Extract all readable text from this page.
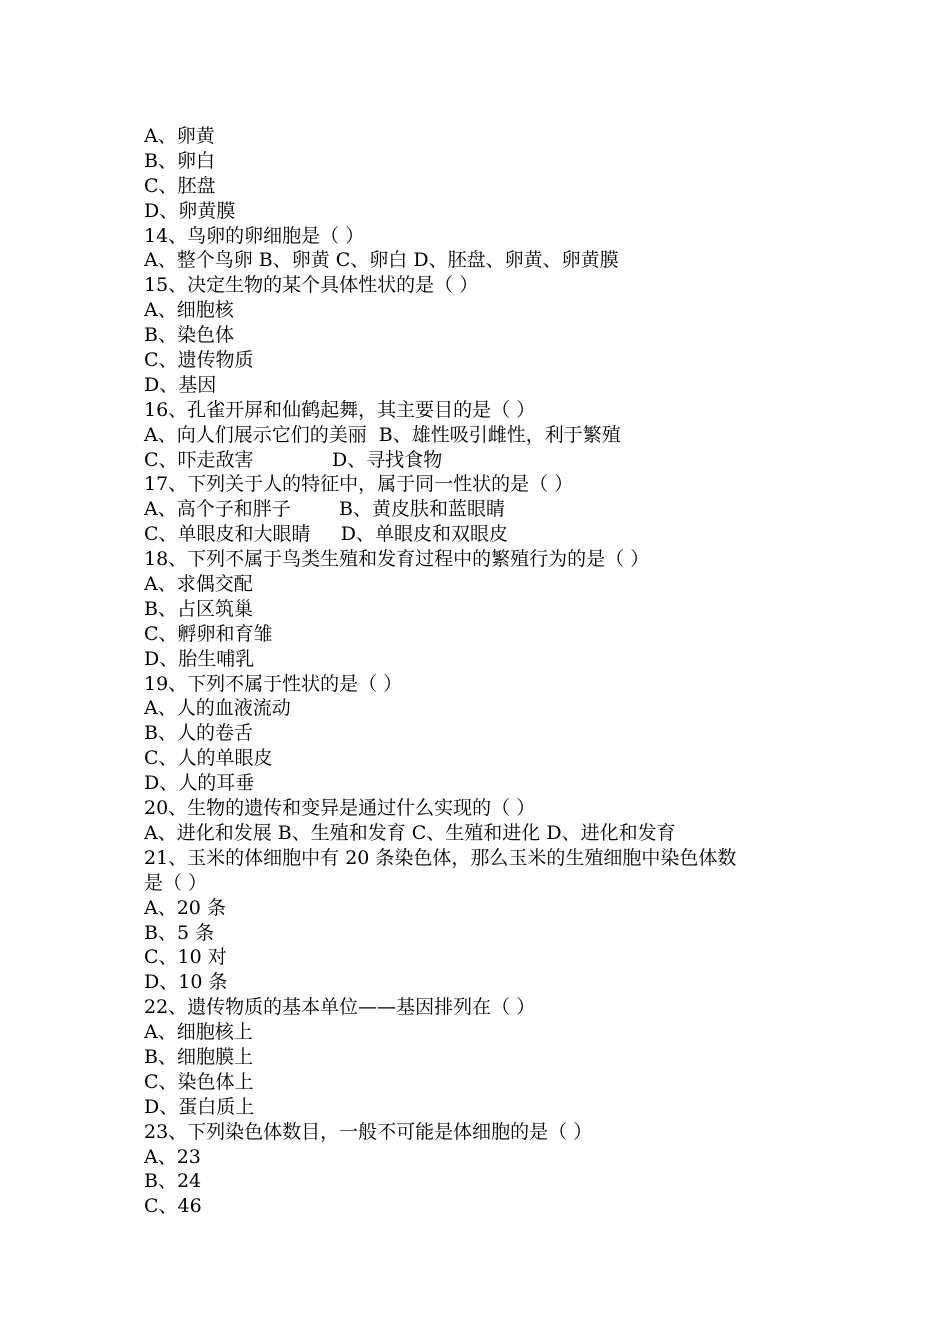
A、卵黄
B、卵白
C、胚盘
D、卵黄膜
14、鸟卵的卵细胞是（ ）
A、整个鸟卵 B、卵黄 C、卵白 D、胚盘、卵黄、卵黄膜
15、决定生物的某个具体性状的是（ ）
A、细胞核
B、染色体
C、遗传物质
D、基因
16、孔雀开屏和仙鹤起舞，其主要目的是（ ）
A、向人们展示它们的美丽  B、雄性吸引雌性，利于繁殖
C、吓走敌害             D、寻找食物
17、下列关于人的特征中，属于同一性状的是（ ）
A、高个子和胖子        B、黄皮肤和蓝眼睛
C、单眼皮和大眼睛     D、单眼皮和双眼皮
18、下列不属于鸟类生殖和发育过程中的繁殖行为的是（ ）
A、求偶交配
B、占区筑巢
C、孵卵和育雏
D、胎生哺乳
19、下列不属于性状的是（ ）
A、人的血液流动
B、人的卷舌
C、人的单眼皮
D、人的耳垂
20、生物的遗传和变异是通过什么实现的（ ）
A、进化和发展 B、生殖和发育 C、生殖和进化 D、进化和发育
21、玉米的体细胞中有 20 条染色体，那么玉米的生殖细胞中染色体数
是（ ）
A、20 条
B、5 条
C、10 对
D、10 条
22、遗传物质的基本单位——基因排列在（ ）
A、细胞核上
B、细胞膜上
C、染色体上
D、蛋白质上
23、下列染色体数目，一般不可能是体细胞的是（ ）
A、23
B、24
C、46
